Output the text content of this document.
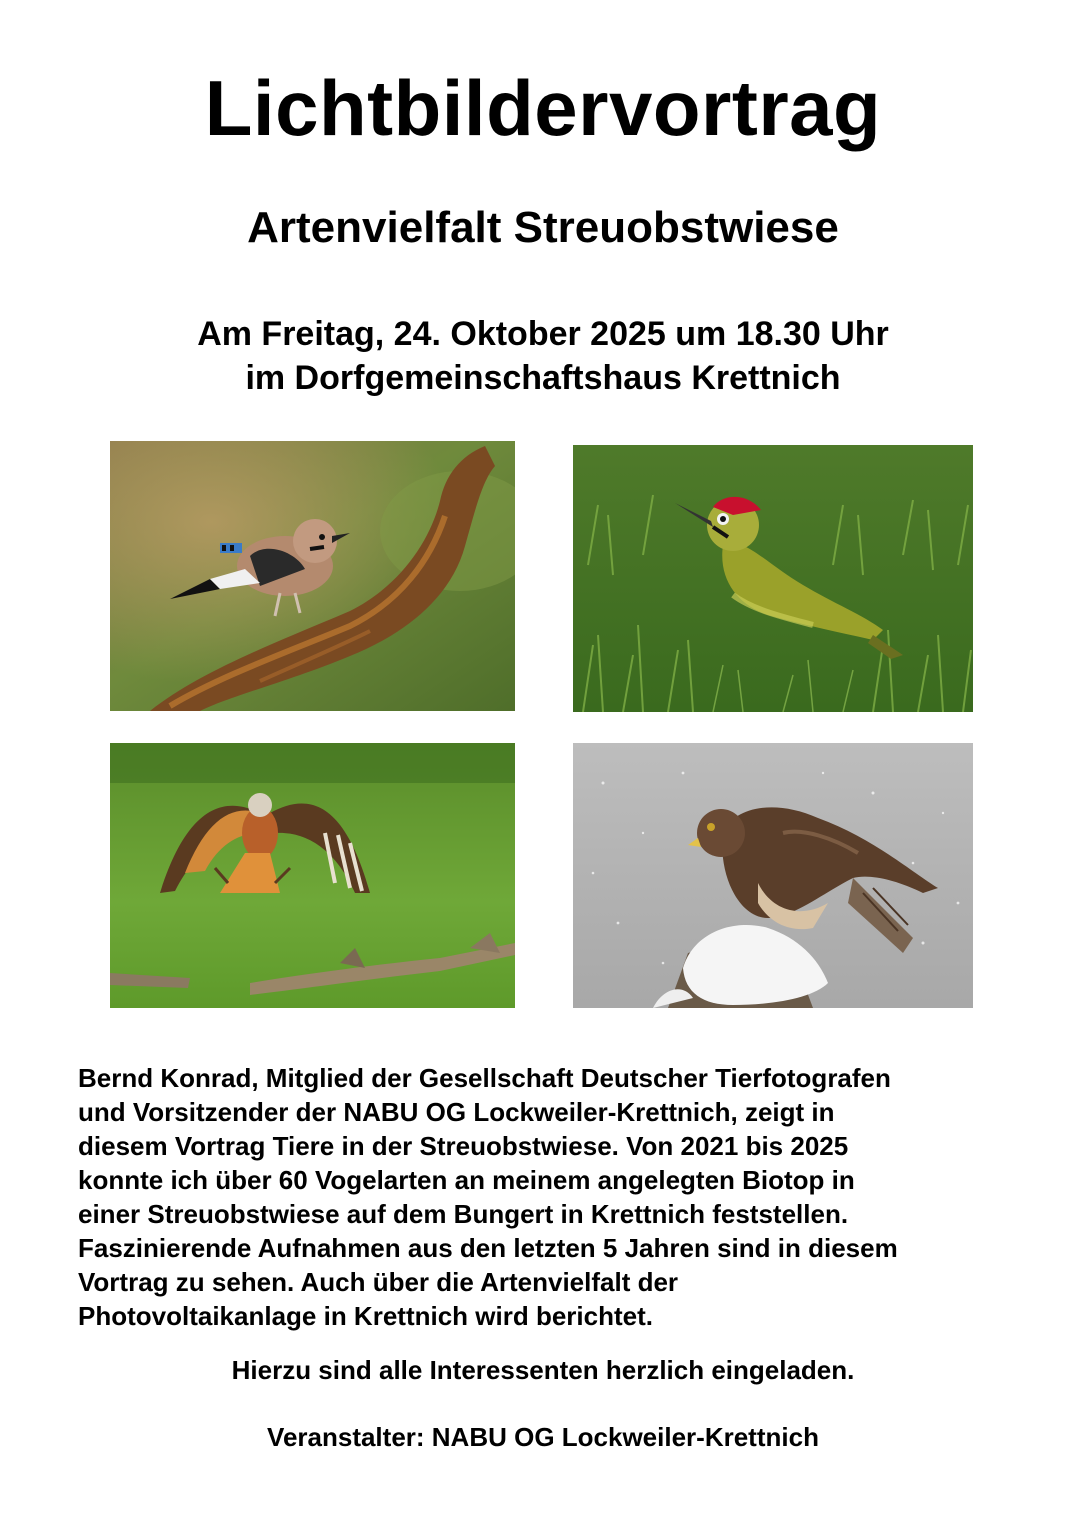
Lichtbildervortrag
Artenvielfalt Streuobstwiese
Am Freitag, 24. Oktober 2025 um 18.30 Uhr
im Dorfgemeinschaftshaus Krettnich
Bernd Konrad, Mitglied der Gesellschaft Deutscher Tierfotografen
und Vorsitzender der NABU OG Lockweiler-Krettnich, zeigt in
diesem Vortrag Tiere in der Streuobstwiese. Von 2021 bis 2025
konnte ich über 60 Vogelarten an meinem angelegten Biotop in
einer Streuobstwiese auf dem Bungert in Krettnich feststellen.
Faszinierende Aufnahmen aus den letzten 5 Jahren sind in diesem
Vortrag zu sehen. Auch über die Artenvielfalt der
Photovoltaikanlage in Krettnich wird berichtet.
Hierzu sind alle Interessenten herzlich eingeladen.
Veranstalter: NABU OG Lockweiler-Krettnich
